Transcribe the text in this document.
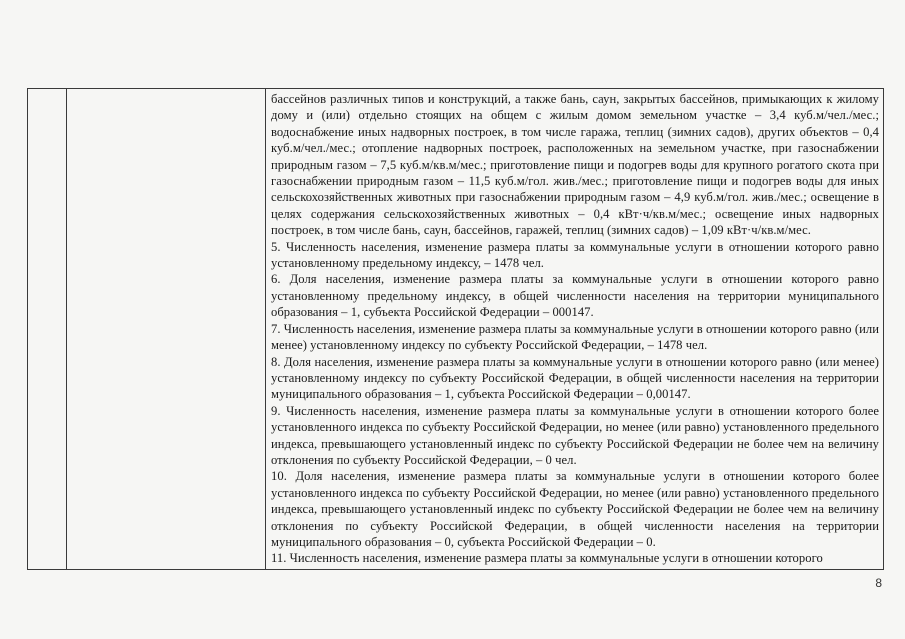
бассейнов различных типов и конструкций, а также бань, саун, закрытых бассейнов, примыкающих к жилому дому и (или) отдельно стоящих на общем с жилым домом земельном участке – 3,4 куб.м/чел./мес.; водоснабжение иных надворных построек, в том числе гаража, теплиц (зимних садов), других объектов – 0,4 куб.м/чел./мес.; отопление надворных построек, расположенных на земельном участке, при газоснабжении природным газом – 7,5 куб.м/кв.м/мес.; приготовление пищи и подогрев воды для крупного рогатого скота при газоснабжении природным газом – 11,5 куб.м/гол. жив./мес.; приготовление пищи и подогрев воды для иных сельскохозяйственных животных при газоснабжении природным газом – 4,9 куб.м/гол. жив./мес.; освещение в целях содержания сельскохозяйственных животных – 0,4 кВт·ч/кв.м/мес.; освещение иных надворных построек, в том числе бань, саун, бассейнов, гаражей, теплиц (зимних садов) – 1,09 кВт·ч/кв.м/мес.

5. Численность населения, изменение размера платы за коммунальные услуги в отношении которого равно установленному предельному индексу, – 1478 чел.

6. Доля населения, изменение размера платы за коммунальные услуги в отношении которого равно установленному предельному индексу, в общей численности населения на территории муниципального образования – 1, субъекта Российской Федерации – 000147.

7. Численность населения, изменение размера платы за коммунальные услуги в отношении которого равно (или менее) установленному индексу по субъекту Российской Федерации, – 1478 чел.

8. Доля населения, изменение размера платы за коммунальные услуги в отношении которого равно (или менее) установленному индексу по субъекту Российской Федерации, в общей численности населения на территории муниципального образования – 1, субъекта Российской Федерации – 0,00147.

9. Численность населения, изменение размера платы за коммунальные услуги в отношении которого более установленного индекса по субъекту Российской Федерации, но менее (или равно) установленного предельного индекса, превышающего установленный индекс по субъекту Российской Федерации не более чем на величину отклонения по субъекту Российской Федерации, – 0 чел.

10. Доля населения, изменение размера платы за коммунальные услуги в отношении которого более установленного индекса по субъекту Российской Федерации, но менее (или равно) установленного предельного индекса, превышающего установленный индекс по субъекту Российской Федерации не более чем на величину отклонения по субъекту Российской Федерации, в общей численности населения на территории муниципального образования – 0, субъекта Российской Федерации – 0.

11. Численность населения, изменение размера платы за коммунальные услуги в отношении которого

8
